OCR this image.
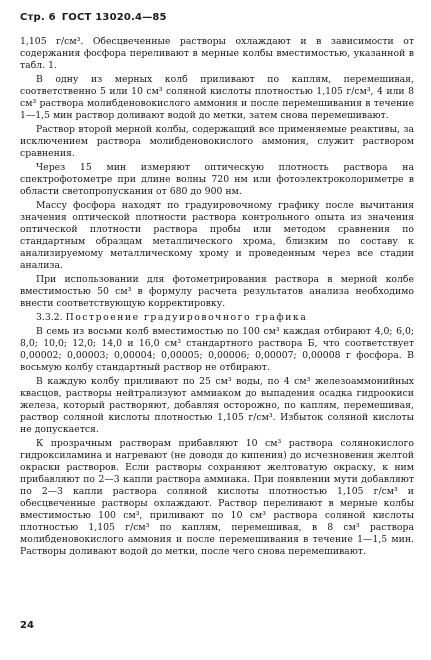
Стр. 6 ГОСТ 13020.4—85

1,105 г/см³. Обесцвеченные растворы охлаждают и в зависимости от содержания фосфора переливают в мерные колбы вместимостью, указанной в табл. 1.

В одну из мерных колб приливают по каплям, перемешивая, соответственно 5 или 10 см³ соляной кислоты плотностью 1,105 г/см³, 4 или 8 см³ раствора молибденовокислого аммония и после перемешивания в течение 1—1,5 мин раствор доливают водой до метки, затем снова перемешивают.

Раствор второй мерной колбы, содержащий все применяемые реактивы, за исключением раствора молибденовокислого аммония, служит раствором сравнения.

Через 15 мин измеряют оптическую плотность раствора на спектрофотометре при длине волны 720 нм или фотоэлектроколориметре в области светопропускания от 680 до 900 нм.

Массу фосфора находят по градуировочному графику после вычитания значения оптической плотности раствора контрольного опыта из значения оптической плотности раствора пробы или методом сравнения по стандартным образцам металлического хрома, близким по составу к анализируемому металлическому хрому и проведенным через все стадии анализа.

При использовании для фотометрирования раствора в мерной колбе вместимостью 50 см³ в формулу расчета результатов анализа необходимо внести соответствующую корректировку.

3.3.2. Построение градуировочного графика

В семь из восьми колб вместимостью по 100 см³ каждая отбирают 4,0; 6,0; 8,0; 10,0; 12,0; 14,0 и 16,0 см³ стандартного раствора Б, что соответствует 0,00002; 0,00003; 0,00004; 0,00005; 0,00006; 0,00007; 0,00008 г фосфора. В восьмую колбу стандартный раствор не отбирают.

В каждую колбу приливают по 25 см³ воды, по 4 см³ железоаммонийных квасцов, растворы нейтрализуют аммиаком до выпадения осадка гидроокиси железа, который растворяют, добавляя осторожно, по каплям, перемешивая, раствор соляной кислоты плотностью 1,105 г/см³. Избыток соляной кислоты не допускается.

К прозрачным растворам прибавляют 10 см³ раствора солянокислого гидроксиламина и нагревают (не доводя до кипения) до исчезновения желтой окраски растворов. Если растворы сохраняют желтоватую окраску, к ним прибавляют по 2—3 капли раствора аммиака. При появлении мути добавляют по 2—3 капли раствора соляной кислоты плотностью 1,105 г/см³ и обесцвеченные растворы охлаждают. Раствор переливают в мерные колбы вместимостью 100 см³, приливают по 10 см³ раствора соляной кислоты плотностью 1,105 г/см³ по каплям, перемешивая, в 8 см³ раствора молибденовокислого аммония и после перемешивания в течение 1—1,5 мин. Растворы доливают водой до метки, после чего снова перемешивают.

24
